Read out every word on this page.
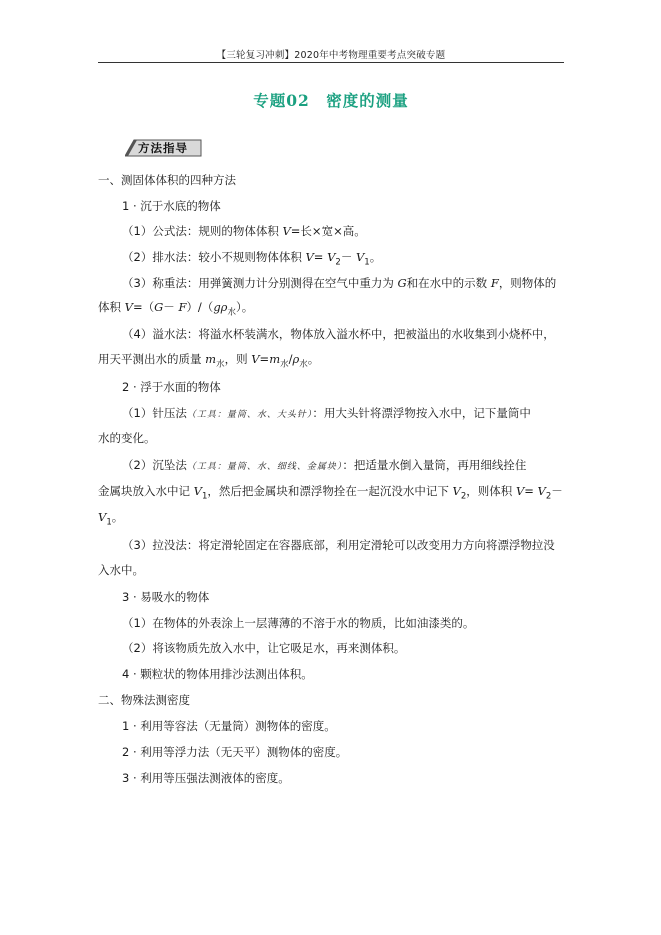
【三轮复习冲刺】2020年中考物理重要考点突破专题
专题02　密度的测量
方法指导
一、测固体体积的四种方法
1 · 沉于水底的物体
（1）公式法：规则的物体体积 V=长×宽×高。
（2）排水法：较小不规则物体体积 $V= V_2- V_1$。
（3）称重法：用弹簧测力计分别测得在空气中重力为 G和在水中的示数 F，则物体的
体积 $V=(G- F)/(g\rho_水)$。
（4）溢水法：将溢水杯装满水，物体放入溢水杯中，把被溢出的水收集到小烧杯中，
用天平测出水的质量 $m_水$，则 $V=m_水/\rho_水$。
2 · 浮于水面的物体
（1）针压法（工具：量筒、水、大头针）：用大头针将漂浮物按入水中，记下量筒中
水的变化。
（2）沉坠法（工具：量筒、水、细线、金属块）：把适量水倒入量筒，再用细线拴住
金属块放入水中记 $V_1$，然后把金属块和漂浮物拴在一起沉没水中记下 $V_2$，则体积 $V= V_2-$
$V_1$。
（3）拉没法：将定滑轮固定在容器底部，利用定滑轮可以改变用力方向将漂浮物拉没
入水中。
3 · 易吸水的物体
（1）在物体的外表涂上一层薄薄的不溶于水的物质，比如油漆类的。
（2）将该物质先放入水中，让它吸足水，再来测体积。
4 · 颗粒状的物体用排沙法测出体积。
二、物殊法测密度
1 · 利用等容法（无量筒）测物体的密度。
2 · 利用等浮力法（无天平）测物体的密度。
3 · 利用等压强法测液体的密度。
